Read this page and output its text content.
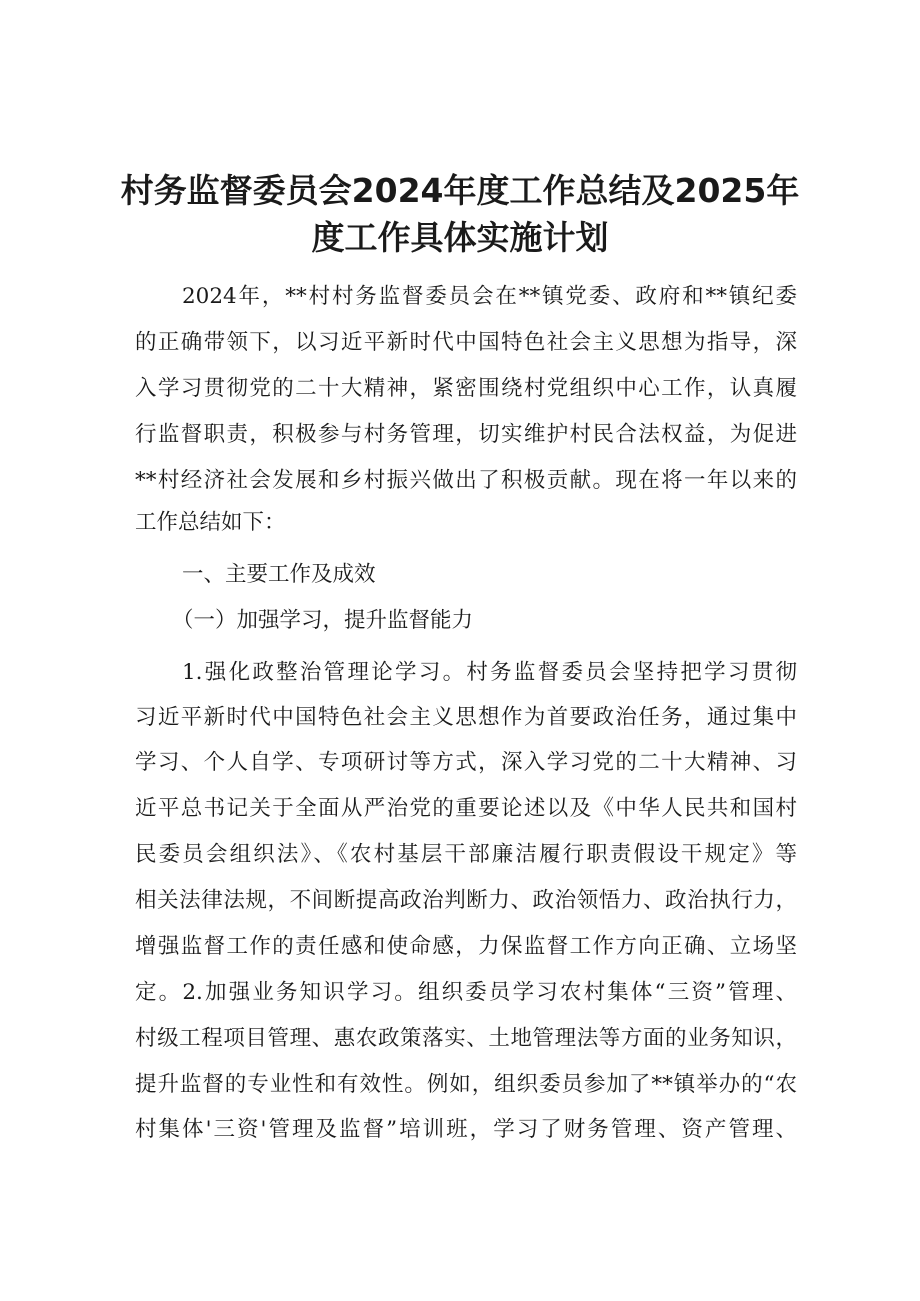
村务监督委员会2024年度工作总结及2025年
度工作具体实施计划
2024年，**村村务监督委员会在**镇党委、政府和**镇纪委
的正确带领下，以习近平新时代中国特色社会主义思想为指导，深
入学习贯彻党的二十大精神，紧密围绕村党组织中心工作，认真履
行监督职责，积极参与村务管理，切实维护村民合法权益，为促进
**村经济社会发展和乡村振兴做出了积极贡献。现在将一年以来的
工作总结如下：
一、主要工作及成效
（一）加强学习，提升监督能力
1.强化政整治管理论学习。村务监督委员会坚持把学习贯彻
习近平新时代中国特色社会主义思想作为首要政治任务，通过集中
学习、个人自学、专项研讨等方式，深入学习党的二十大精神、习
近平总书记关于全面从严治党的重要论述以及《中华人民共和国村
民委员会组织法》、《农村基层干部廉洁履行职责假设干规定》等
相关法律法规，不间断提高政治判断力、政治领悟力、政治执行力，
增强监督工作的责任感和使命感，力保监督工作方向正确、立场坚
定。2.加强业务知识学习。组织委员学习农村集体“三资”管理、
村级工程项目管理、惠农政策落实、土地管理法等方面的业务知识，
提升监督的专业性和有效性。例如，组织委员参加了**镇举办的“农
村集体'三资'管理及监督”培训班，学习了财务管理、资产管理、
